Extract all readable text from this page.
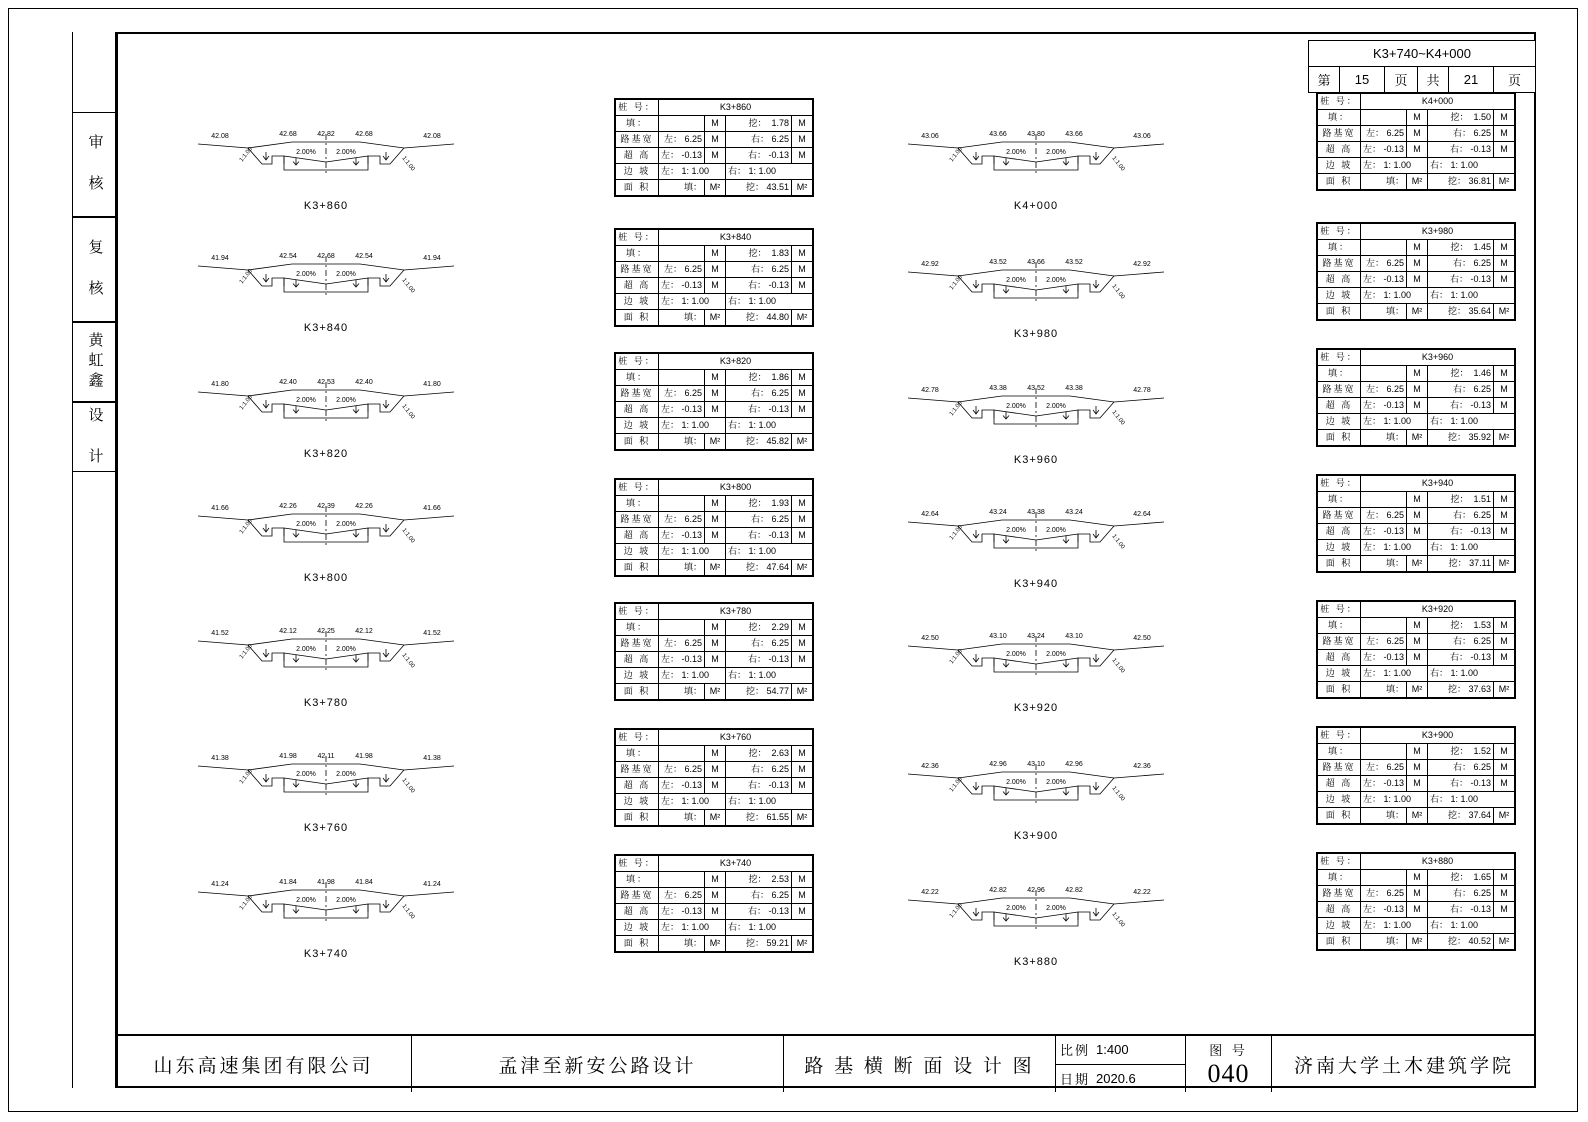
审 核
复 核
黄虹鑫
设 计
K3+740~K4+000
第	15	页	共	21	页
42.08	42.68	42.82	42.68	42.08
2.00%	2.00%
1:1.00
1:1.00
K3+860
41.94	42.54	42.68	42.54	41.94
2.00%	2.00%
1:1.00
1:1.00
K3+840
41.80	42.40	42.53	42.40	41.80
2.00%	2.00%
1:1.00
1:1.00
K3+820
41.66	42.26	42.39	42.26	41.66
2.00%	2.00%
1:1.00
1:1.00
K3+800
41.52	42.12	42.25	42.12	41.52
2.00%	2.00%
1:1.00
1:1.00
K3+780
41.38	41.98	42.11	41.98	41.38
2.00%	2.00%
1:1.00
1:1.00
K3+760
41.24	41.84	41.98	41.84	41.24
2.00%	2.00%
1:1.00
1:1.00
K3+740
43.06	43.66	43.80	43.66	43.06
2.00%	2.00%
1:1.00
1:1.00
K4+000
42.92	43.52	43.66	43.52	42.92
2.00%	2.00%
1:1.00
1:1.00
K3+980
42.78	43.38	43.52	43.38	42.78
2.00%	2.00%
1:1.00
1:1.00
K3+960
42.64	43.24	43.38	43.24	42.64
2.00%	2.00%
1:1.00
1:1.00
K3+940
42.50	43.10	43.24	43.10	42.50
2.00%	2.00%
1:1.00
1:1.00
K3+920
42.36	42.96	43.10	42.96	42.36
2.00%	2.00%
1:1.00
1:1.00
K3+900
42.22	42.82	42.96	42.82	42.22
2.00%	2.00%
1:1.00
1:1.00
K3+880
桩 号：	K3+860			
填：		M	挖：  1.78	M
路基宽	左： 6.25	M	右： 6.25	M
超 高	左： -0.13	M	右： -0.13	M
边 坡	左： 1: 1.00		右： 1: 1.00	
面 积	填：	M²	挖： 43.51	M²
桩 号：	K3+840			
填：		M	挖：  1.83	M
路基宽	左： 6.25	M	右： 6.25	M
超 高	左： -0.13	M	右： -0.13	M
边 坡	左： 1: 1.00		右： 1: 1.00	
面 积	填：	M²	挖： 44.80	M²
桩 号：	K3+820			
填：		M	挖：  1.86	M
路基宽	左： 6.25	M	右： 6.25	M
超 高	左： -0.13	M	右： -0.13	M
边 坡	左： 1: 1.00		右： 1: 1.00	
面 积	填：	M²	挖： 45.82	M²
桩 号：	K3+800			
填：		M	挖：  1.93	M
路基宽	左： 6.25	M	右： 6.25	M
超 高	左： -0.13	M	右： -0.13	M
边 坡	左： 1: 1.00		右： 1: 1.00	
面 积	填：	M²	挖： 47.64	M²
桩 号：	K3+780			
填：		M	挖：  2.29	M
路基宽	左： 6.25	M	右： 6.25	M
超 高	左： -0.13	M	右： -0.13	M
边 坡	左： 1: 1.00		右： 1: 1.00	
面 积	填：	M²	挖： 54.77	M²
桩 号：	K3+760			
填：		M	挖：  2.63	M
路基宽	左： 6.25	M	右： 6.25	M
超 高	左： -0.13	M	右： -0.13	M
边 坡	左： 1: 1.00		右： 1: 1.00	
面 积	填：	M²	挖： 61.55	M²
桩 号：	K3+740			
填：		M	挖：  2.53	M
路基宽	左： 6.25	M	右： 6.25	M
超 高	左： -0.13	M	右： -0.13	M
边 坡	左： 1: 1.00		右： 1: 1.00	
面 积	填：	M²	挖： 59.21	M²
桩 号：	K4+000			
填：		M	挖：  1.50	M
路基宽	左： 6.25	M	右： 6.25	M
超 高	左： -0.13	M	右： -0.13	M
边 坡	左： 1: 1.00		右： 1: 1.00	
面 积	填：	M²	挖： 36.81	M²
桩 号：	K3+980			
填：		M	挖：  1.45	M
路基宽	左： 6.25	M	右： 6.25	M
超 高	左： -0.13	M	右： -0.13	M
边 坡	左： 1: 1.00		右： 1: 1.00	
面 积	填：	M²	挖： 35.64	M²
桩 号：	K3+960			
填：		M	挖：  1.46	M
路基宽	左： 6.25	M	右： 6.25	M
超 高	左： -0.13	M	右： -0.13	M
边 坡	左： 1: 1.00		右： 1: 1.00	
面 积	填：	M²	挖： 35.92	M²
桩 号：	K3+940			
填：		M	挖：  1.51	M
路基宽	左： 6.25	M	右： 6.25	M
超 高	左： -0.13	M	右： -0.13	M
边 坡	左： 1: 1.00		右： 1: 1.00	
面 积	填：	M²	挖： 37.11	M²
桩 号：	K3+920			
填：		M	挖：  1.53	M
路基宽	左： 6.25	M	右： 6.25	M
超 高	左： -0.13	M	右： -0.13	M
边 坡	左： 1: 1.00		右： 1: 1.00	
面 积	填：	M²	挖： 37.63	M²
桩 号：	K3+900			
填：		M	挖：  1.52	M
路基宽	左： 6.25	M	右： 6.25	M
超 高	左： -0.13	M	右： -0.13	M
边 坡	左： 1: 1.00		右： 1: 1.00	
面 积	填：	M²	挖： 37.64	M²
桩 号：	K3+880			
填：		M	挖：  1.65	M
路基宽	左： 6.25	M	右： 6.25	M
超 高	左： -0.13	M	右： -0.13	M
边 坡	左： 1: 1.00		右： 1: 1.00	
面 积	填：	M²	挖： 40.52	M²
山东高速集团有限公司	孟津至新安公路设计	路 基 横 断 面 设 计 图
比例 1:400
日期 2020.6
图 号
040	济南大学土木建筑学院
